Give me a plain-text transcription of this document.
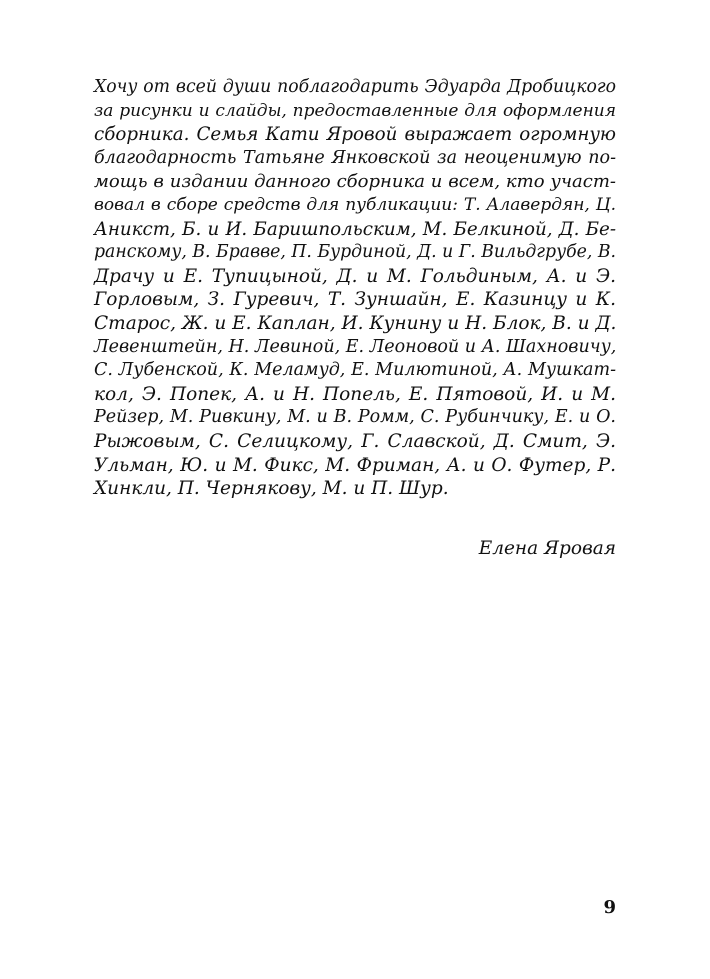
Хочу от всей души поблагодарить Эдуарда Дробицкого
за рисунки и слайды, предоставленные для оформления
сборника. Семья Кати Яровой выражает огромную
благодарность Татьяне Янковской за неоценимую по-
мощь в издании данного сборника и всем, кто участ-
вовал в сборе средств для публикации: Т. Алавердян, Ц.
Аникст, Б. и И. Баришпольским, М. Белкиной, Д. Бе-
ранскому, В. Бравве, П. Бурдиной, Д. и Г. Вильдгрубе, В.
Драчу и Е. Тупицыной, Д. и М. Гольдиным, А. и Э.
Горловым, З. Гуревич, Т. Зуншайн, Е. Казинцу и К.
Старос, Ж. и Е. Каплан, И. Кунину и Н. Блок, В. и Д.
Левенштейн, Н. Левиной, Е. Леоновой и А. Шахновичу,
С. Лубенской, К. Меламуд, Е. Милютиной, А. Мушкат-
кол, Э. Попек, А. и Н. Попель, Е. Пятовой, И. и М.
Рейзер, М. Ривкину, М. и В. Ромм, С. Рубинчику, Е. и О.
Рыжовым, С. Селицкому, Г. Славской, Д. Смит, Э.
Ульман, Ю. и М. Фикс, М. Фриман, А. и О. Футер, Р.
Хинкли, П. Чернякову, М. и П. Шур.
Елена Яровая
9
